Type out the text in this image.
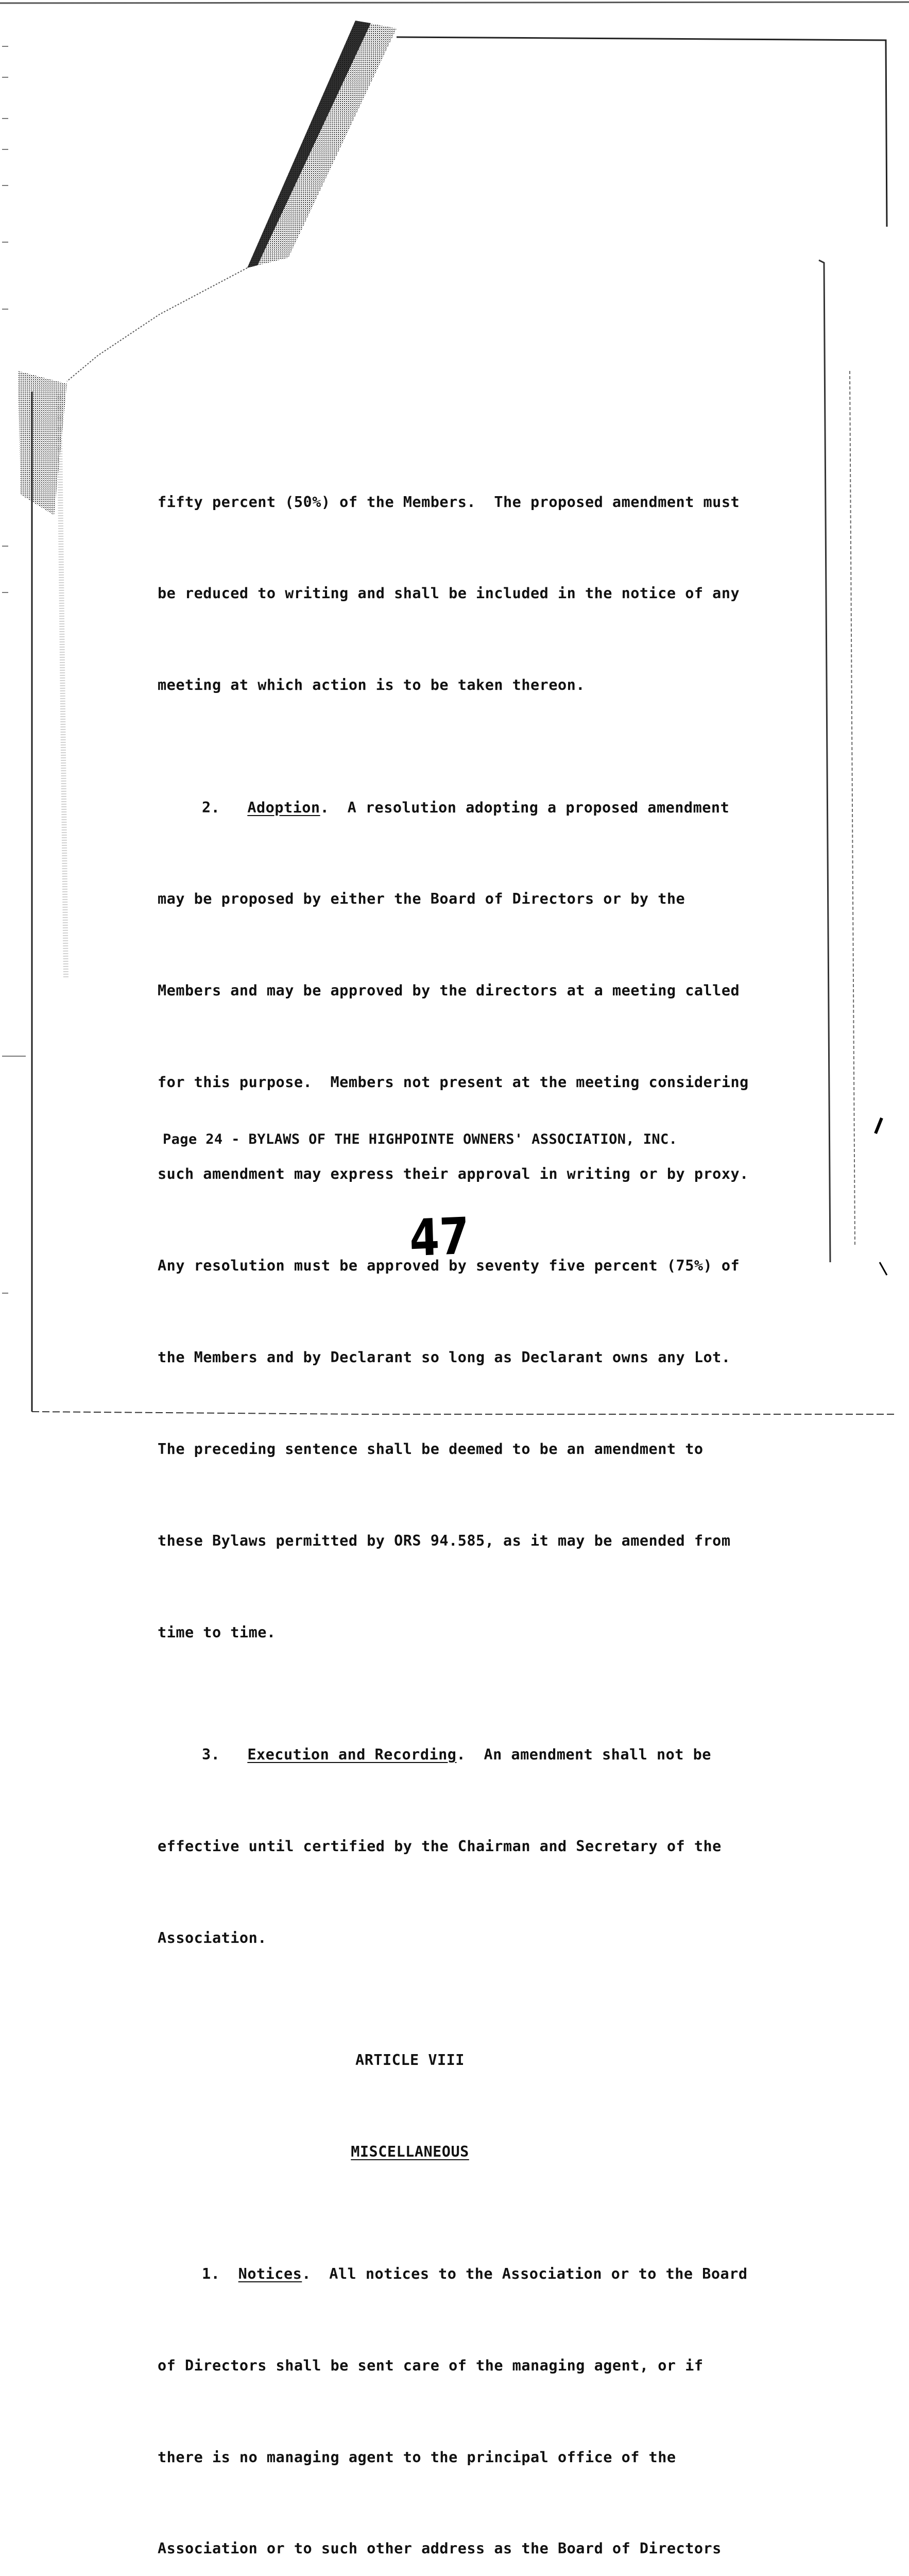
fifty percent (50%) of the Members.  The proposed amendment must

be reduced to writing and shall be included in the notice of any

meeting at which action is to be taken thereon.

2. Adoption.  A resolution adopting a proposed amendment

may be proposed by either the Board of Directors or by the

Members and may be approved by the directors at a meeting called

for this purpose.  Members not present at the meeting considering

such amendment may express their approval in writing or by proxy.

Any resolution must be approved by seventy five percent (75%) of

the Members and by Declarant so long as Declarant owns any Lot.

The preceding sentence shall be deemed to be an amendment to

these Bylaws permitted by ORS 94.585, as it may be amended from

time to time.

3. Execution and Recording.  An amendment shall not be

effective until certified by the Chairman and Secretary of the

Association.

ARTICLE VIII

MISCELLANEOUS

1. Notices.  All notices to the Association or to the Board

of Directors shall be sent care of the managing agent, or if

there is no managing agent to the principal office of the

Association or to such other address as the Board of Directors

Page 24 - BYLAWS OF THE HIGHPOINTE OWNERS' ASSOCIATION, INC.
47
